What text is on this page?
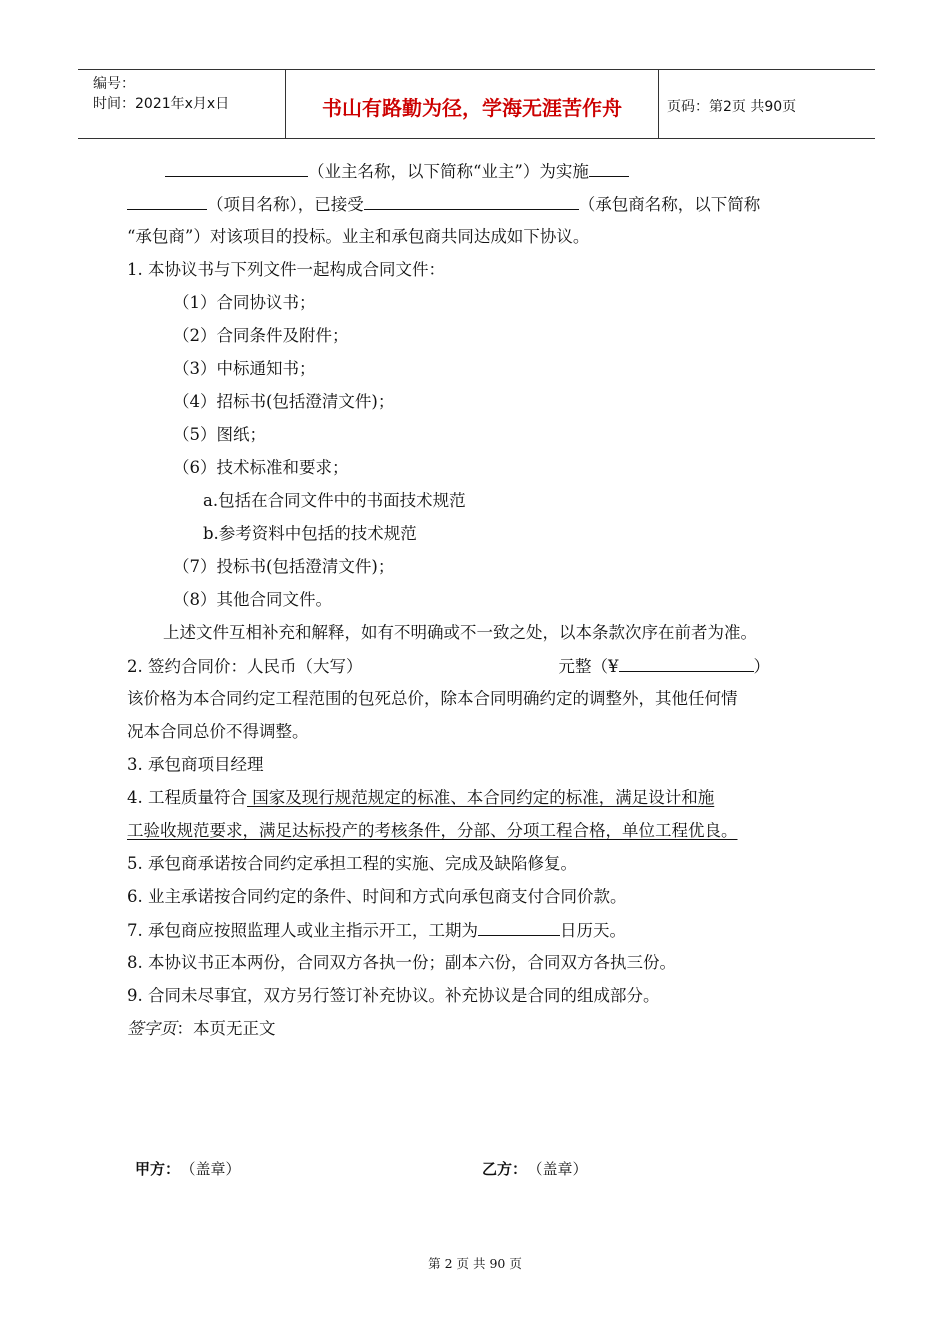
编号：
时间：2021年x月x日	书山有路勤为径，学海无涯苦作舟	页码：第2页 共90页
（业主名称，以下简称“业主”）为实施
（项目名称），已接受	（承包商名称，以下简称
“承包商”）对该项目的投标。业主和承包商共同达成如下协议。
1. 本协议书与下列文件一起构成合同文件：
（1）合同协议书；
（2）合同条件及附件；
（3）中标通知书；
（4）招标书(包括澄清文件)；
（5）图纸；
（6）技术标准和要求；
a.包括在合同文件中的书面技术规范
b.参考资料中包括的技术规范
（7）投标书(包括澄清文件)；
（8）其他合同文件。
上述文件互相补充和解释，如有不明确或不一致之处，以本条款次序在前者为准。
2. 签约合同价：人民币（大写）	元整（¥	）
该价格为本合同约定工程范围的包死总价，除本合同明确约定的调整外，其他任何情
况本合同总价不得调整。
3. 承包商项目经理
4. 工程质量符合 国家及现行规范规定的标准、本合同约定的标准，满足设计和施
工验收规范要求，满足达标投产的考核条件，分部、分项工程合格，单位工程优良。
5. 承包商承诺按合同约定承担工程的实施、完成及缺陷修复。
6. 业主承诺按合同约定的条件、时间和方式向承包商支付合同价款。
7. 承包商应按照监理人或业主指示开工，工期为	日历天。
8. 本协议书正本两份，合同双方各执一份；副本六份，合同双方各执三份。
9. 合同未尽事宜，双方另行签订补充协议。补充协议是合同的组成部分。
签字页：本页无正文
甲方： （盖章）	乙方： （盖章）
第 2 页 共 90 页
